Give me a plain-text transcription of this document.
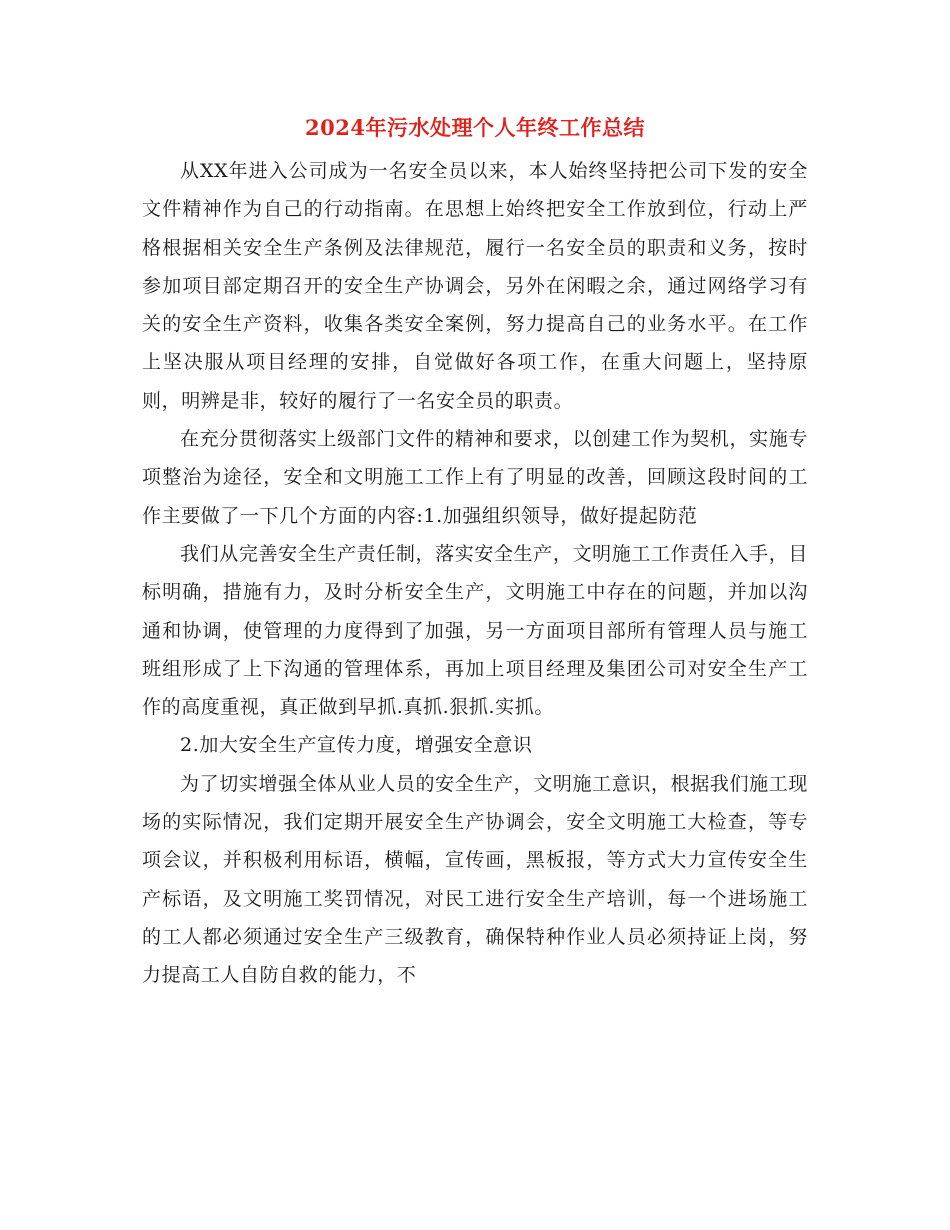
2024年污水处理个人年终工作总结

从XX年进入公司成为一名安全员以来，本人始终坚持把公司下发的安全文件精神作为自己的行动指南。在思想上始终把安全工作放到位，行动上严格根据相关安全生产条例及法律规范，履行一名安全员的职责和义务，按时参加项目部定期召开的安全生产协调会，另外在闲暇之余，通过网络学习有关的安全生产资料，收集各类安全案例，努力提高自己的业务水平。在工作上坚决服从项目经理的安排，自觉做好各项工作，在重大问题上，坚持原则，明辨是非，较好的履行了一名安全员的职责。

在充分贯彻落实上级部门文件的精神和要求，以创建工作为契机，实施专项整治为途径，安全和文明施工工作上有了明显的改善，回顾这段时间的工作主要做了一下几个方面的内容:1.加强组织领导，做好提起防范

我们从完善安全生产责任制，落实安全生产，文明施工工作责任入手，目标明确，措施有力，及时分析安全生产，文明施工中存在的问题，并加以沟通和协调，使管理的力度得到了加强，另一方面项目部所有管理人员与施工班组形成了上下沟通的管理体系，再加上项目经理及集团公司对安全生产工作的高度重视，真正做到早抓.真抓.狠抓.实抓。

2.加大安全生产宣传力度，增强安全意识

为了切实增强全体从业人员的安全生产，文明施工意识，根据我们施工现场的实际情况，我们定期开展安全生产协调会，安全文明施工大检查，等专项会议，并积极利用标语，横幅，宣传画，黑板报，等方式大力宣传安全生产标语，及文明施工奖罚情况，对民工进行安全生产培训，每一个进场施工的工人都必须通过安全生产三级教育，确保特种作业人员必须持证上岗，努力提高工人自防自救的能力，不
